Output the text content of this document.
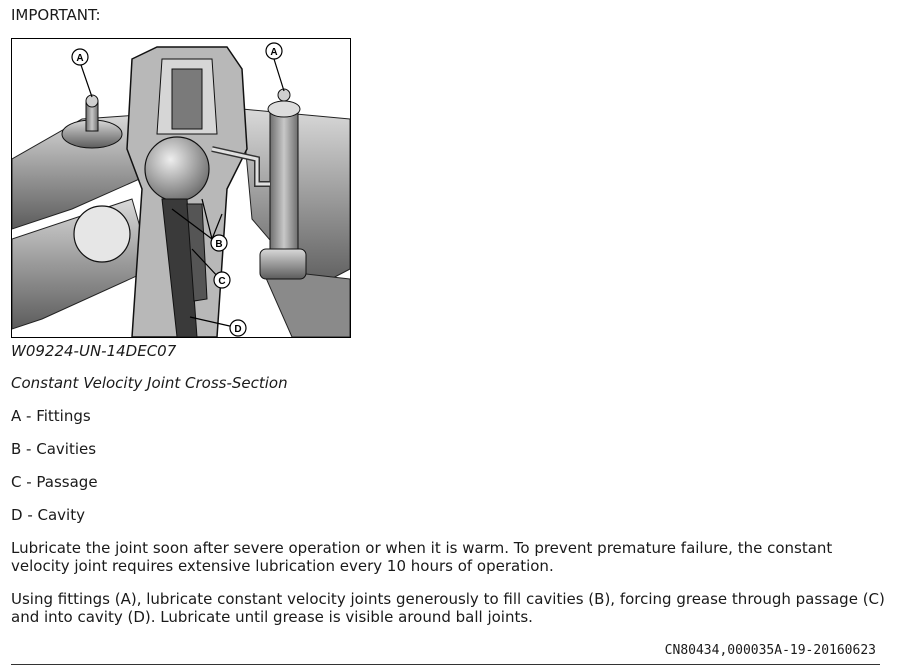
IMPORTANT:
A
A
B
C
D
W09224-UN-14DEC07
Constant Velocity Joint Cross-Section
A - Fittings
B - Cavities
C - Passage
D - Cavity
Lubricate the joint soon after severe operation or when it is warm. To prevent premature failure, the constant velocity joint requires extensive lubrication every 10 hours of operation.
Using fittings (A), lubricate constant velocity joints generously to fill cavities (B), forcing grease through passage (C) and into cavity (D). Lubricate until grease is visible around ball joints.
CN80434,000035A-19-20160623
